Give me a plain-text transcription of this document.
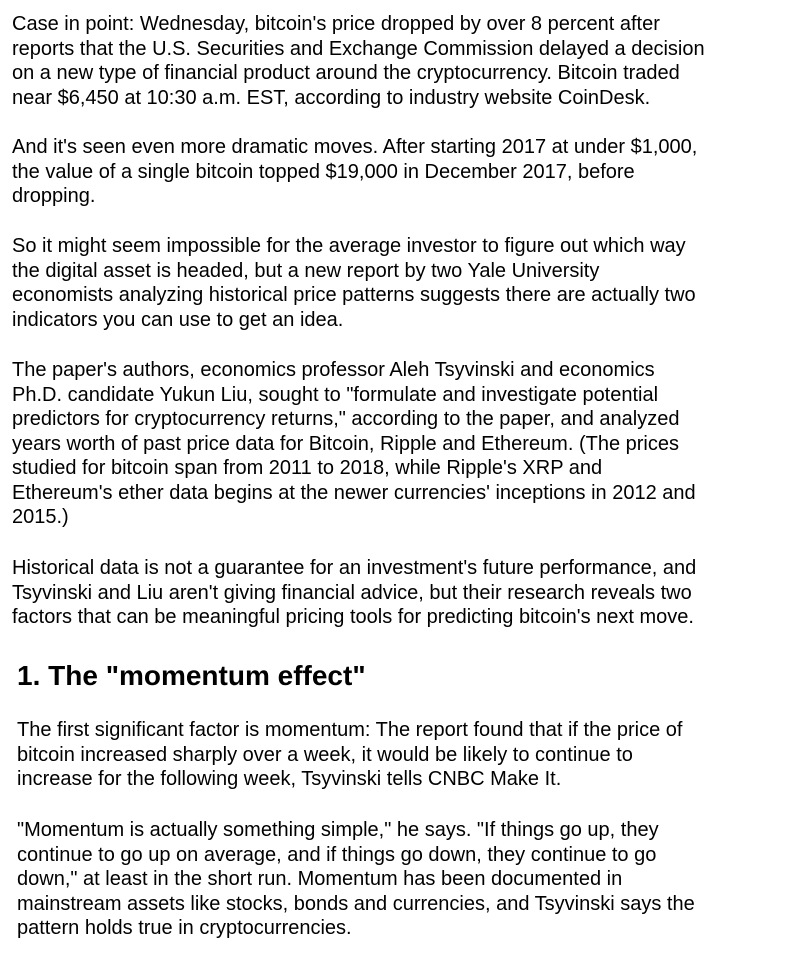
Case in point: Wednesday, bitcoin's price dropped by over 8 percent after
reports that the U.S. Securities and Exchange Commission delayed a decision
on a new type of financial product around the cryptocurrency. Bitcoin traded
near $6,450 at 10:30 a.m. EST, according to industry website CoinDesk.

And it's seen even more dramatic moves. After starting 2017 at under $1,000,
the value of a single bitcoin topped $19,000 in December 2017, before
dropping.

So it might seem impossible for the average investor to figure out which way
the digital asset is headed, but a new report by two Yale University
economists analyzing historical price patterns suggests there are actually two
indicators you can use to get an idea.

The paper's authors, economics professor Aleh Tsyvinski and economics
Ph.D. candidate Yukun Liu, sought to "formulate and investigate potential
predictors for cryptocurrency returns," according to the paper, and analyzed
years worth of past price data for Bitcoin, Ripple and Ethereum. (The prices
studied for bitcoin span from 2011 to 2018, while Ripple's XRP and
Ethereum's ether data begins at the newer currencies' inceptions in 2012 and
2015.)

Historical data is not a guarantee for an investment's future performance, and
Tsyvinski and Liu aren't giving financial advice, but their research reveals two
factors that can be meaningful pricing tools for predicting bitcoin's next move.

1. The "momentum effect"

The first significant factor is momentum: The report found that if the price of
bitcoin increased sharply over a week, it would be likely to continue to
increase for the following week, Tsyvinski tells CNBC Make It.

"Momentum is actually something simple," he says. "If things go up, they
continue to go up on average, and if things go down, they continue to go
down," at least in the short run. Momentum has been documented in
mainstream assets like stocks, bonds and currencies, and Tsyvinski says the
pattern holds true in cryptocurrencies.
